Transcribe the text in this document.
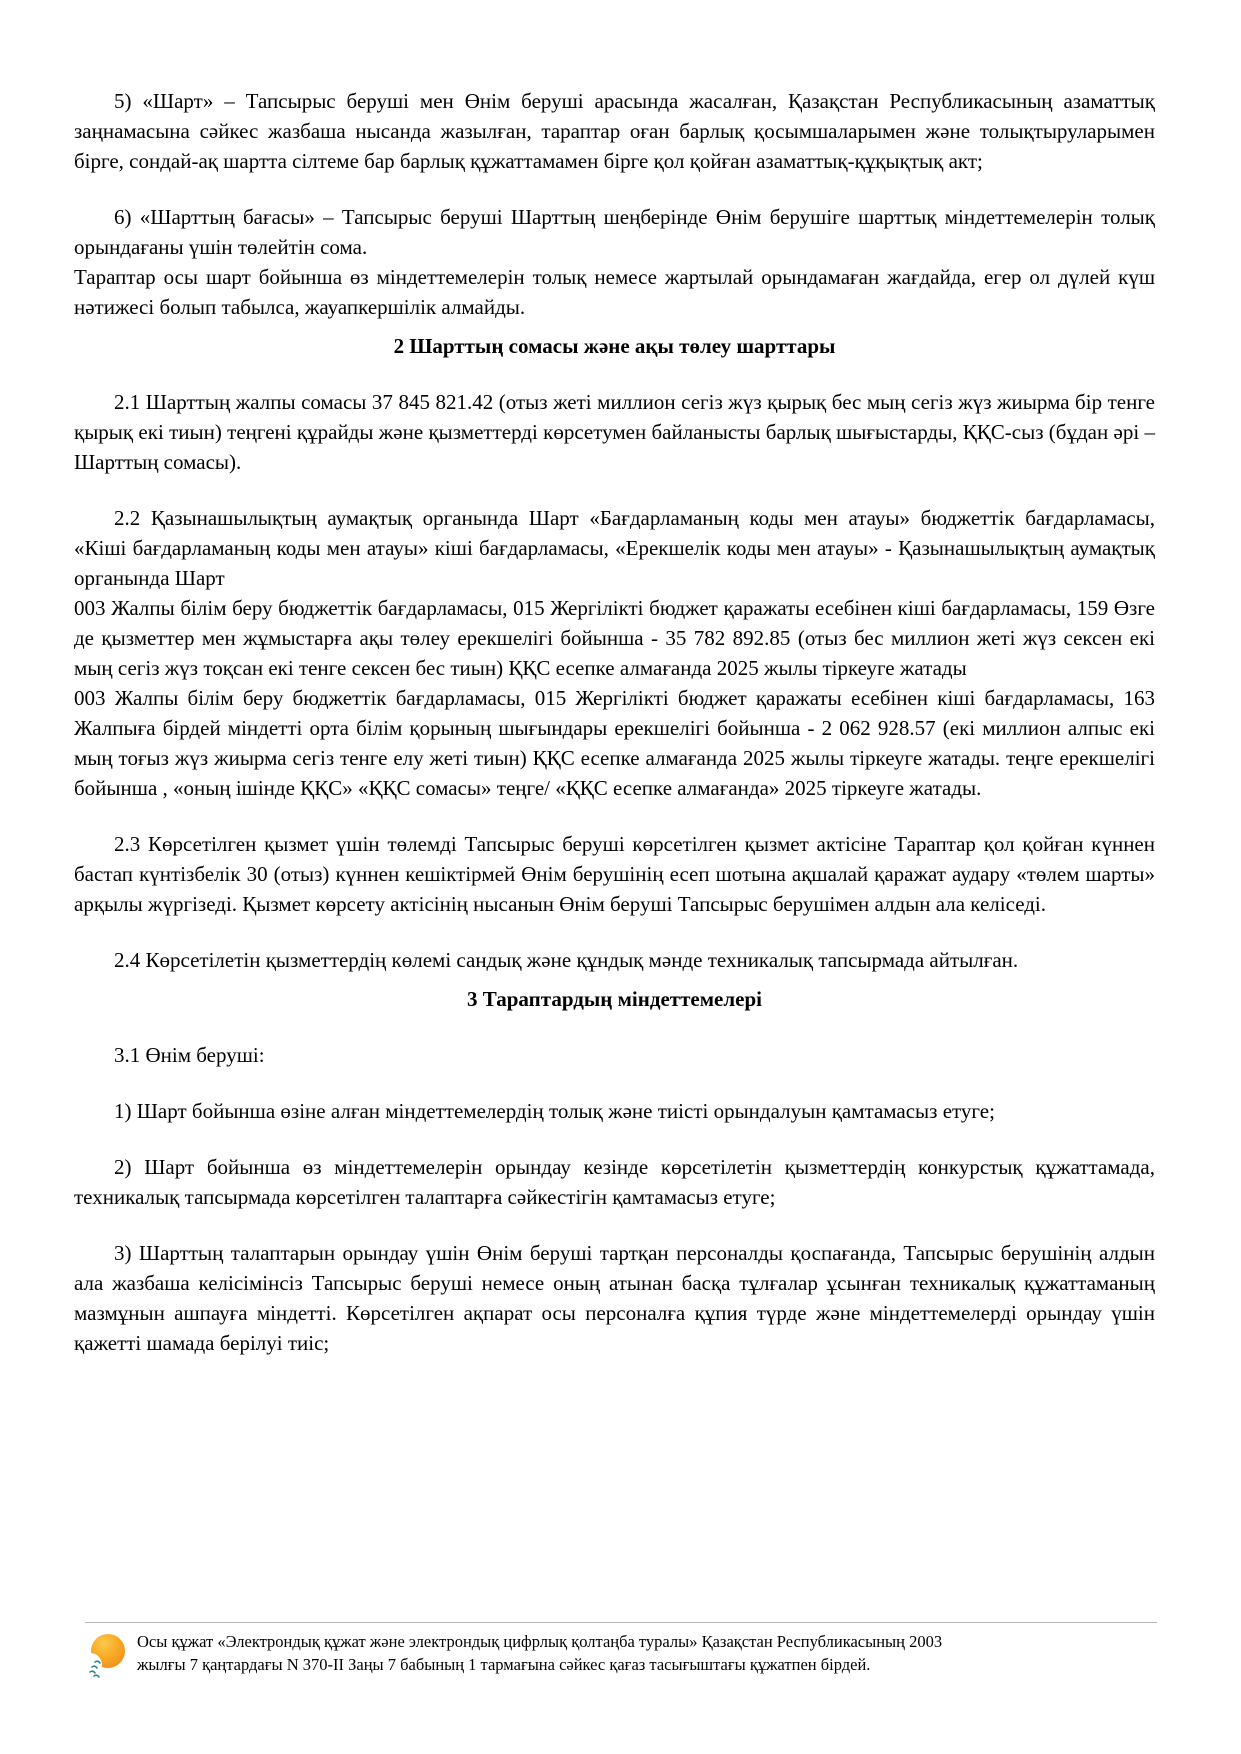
5) «Шарт» – Тапсырыс беруші мен Өнім беруші арасында жасалған, Қазақстан Республикасының азаматтық заңнамасына сәйкес жазбаша нысанда жазылған, тараптар оған барлық қосымшаларымен және толықтыруларымен бірге, сондай-ақ шартта сілтеме бар барлық құжаттамамен бірге қол қойған азаматтық-құқықтық акт;

6) «Шарттың бағасы» – Тапсырыс беруші Шарттың шеңберінде Өнім берушіге шарттық міндеттемелерін толық орындағаны үшін төлейтін сома.

Тараптар осы шарт бойынша өз міндеттемелерін толық немесе жартылай орындамаған жағдайда, егер ол дүлей күш нәтижесі болып табылса, жауапкершілік алмайды.

2 Шарттың сомасы және ақы төлеу шарттары

2.1 Шарттың жалпы сомасы 37 845 821.42 (отыз жеті миллион сегіз жүз қырық бес мың сегіз жүз жиырма бір тенге қырық екі тиын) теңгені құрайды және қызметтерді көрсетумен байланысты барлық шығыстарды, ҚҚС-сыз (бұдан әрі – Шарттың сомасы).

2.2 Қазынашылықтың аумақтық органында Шарт «Бағдарламаның коды мен атауы» бюджеттік бағдарламасы, «Кіші бағдарламаның коды мен атауы» кіші бағдарламасы, «Ерекшелік коды мен атауы» - Қазынашылықтың аумақтық органында Шарт

003 Жалпы білім беру бюджеттік бағдарламасы, 015 Жергілікті бюджет қаражаты есебінен кіші бағдарламасы, 159 Өзге де қызметтер мен жұмыстарға ақы төлеу ерекшелігі бойынша - 35 782 892.85 (отыз бес миллион жеті жүз сексен екі мың сегіз жүз тоқсан екі тенге сексен бес тиын) ҚҚС есепке алмағанда 2025 жылы тіркеуге жатады

003 Жалпы білім беру бюджеттік бағдарламасы, 015 Жергілікті бюджет қаражаты есебінен кіші бағдарламасы, 163 Жалпыға бірдей міндетті орта білім қорының шығындары ерекшелігі бойынша - 2 062 928.57 (екі миллион алпыс екі мың тоғыз жүз жиырма сегіз тенге елу жеті тиын) ҚҚС есепке алмағанда 2025 жылы тіркеуге жатады. теңге ерекшелігі бойынша , «оның ішінде ҚҚС» «ҚҚС сомасы» теңге/ «ҚҚС есепке алмағанда» 2025 тіркеуге жатады.

2.3 Көрсетілген қызмет үшін төлемді Тапсырыс беруші көрсетілген қызмет актісіне Тараптар қол қойған күннен бастап күнтізбелік 30 (отыз) күннен кешіктірмей Өнім берушінің есеп шотына ақшалай қаражат аудару «төлем шарты» арқылы жүргізеді. Қызмет көрсету актісінің нысанын Өнім беруші Тапсырыс берушімен алдын ала келіседі.

2.4 Көрсетілетін қызметтердің көлемі сандық және құндық мәнде техникалық тапсырмада айтылған.

3 Тараптардың міндеттемелері

3.1 Өнім беруші:

1) Шарт бойынша өзіне алған міндеттемелердің толық және тиісті орындалуын қамтамасыз етуге;

2) Шарт бойынша өз міндеттемелерін орындау кезінде көрсетілетін қызметтердің конкурстық құжаттамада, техникалық тапсырмада көрсетілген талаптарға сәйкестігін қамтамасыз етуге;

3) Шарттың талаптарын орындау үшін Өнім беруші тартқан персоналды қоспағанда, Тапсырыс берушінің алдын ала жазбаша келісімінсіз Тапсырыс беруші немесе оның атынан басқа тұлғалар ұсынған техникалық құжаттаманың мазмұнын ашпауға міндетті. Көрсетілген ақпарат осы персоналға құпия түрде және міндеттемелерді орындау үшін қажетті шамада берілуі тиіс;

Осы құжат «Электрондық құжат және электрондық цифрлық қолтаңба туралы» Қазақстан Республикасының 2003 жылғы 7 қаңтардағы N 370-II Заңы 7 бабының 1 тармағына сәйкес қағаз тасығыштағы құжатпен бірдей.
